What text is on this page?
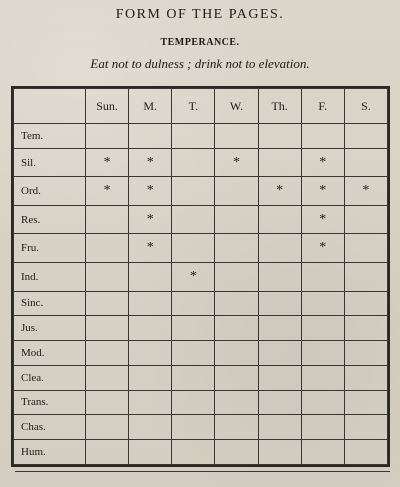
FORM OF THE PAGES.
TEMPERANCE.
Eat not to dulness ; drink not to elevation.
	Sun.	M.	T.	W.	Th.	F.	S.
Tem.							
Sil.	*	*		*		*	
Ord.	*	*			*	*	*
Res.		*				*	
Fru.		*				*	
Ind.			*				
Sinc.							
Jus.							
Mod.							
Clea.							
Trans.							
Chas.							
Hum.							
